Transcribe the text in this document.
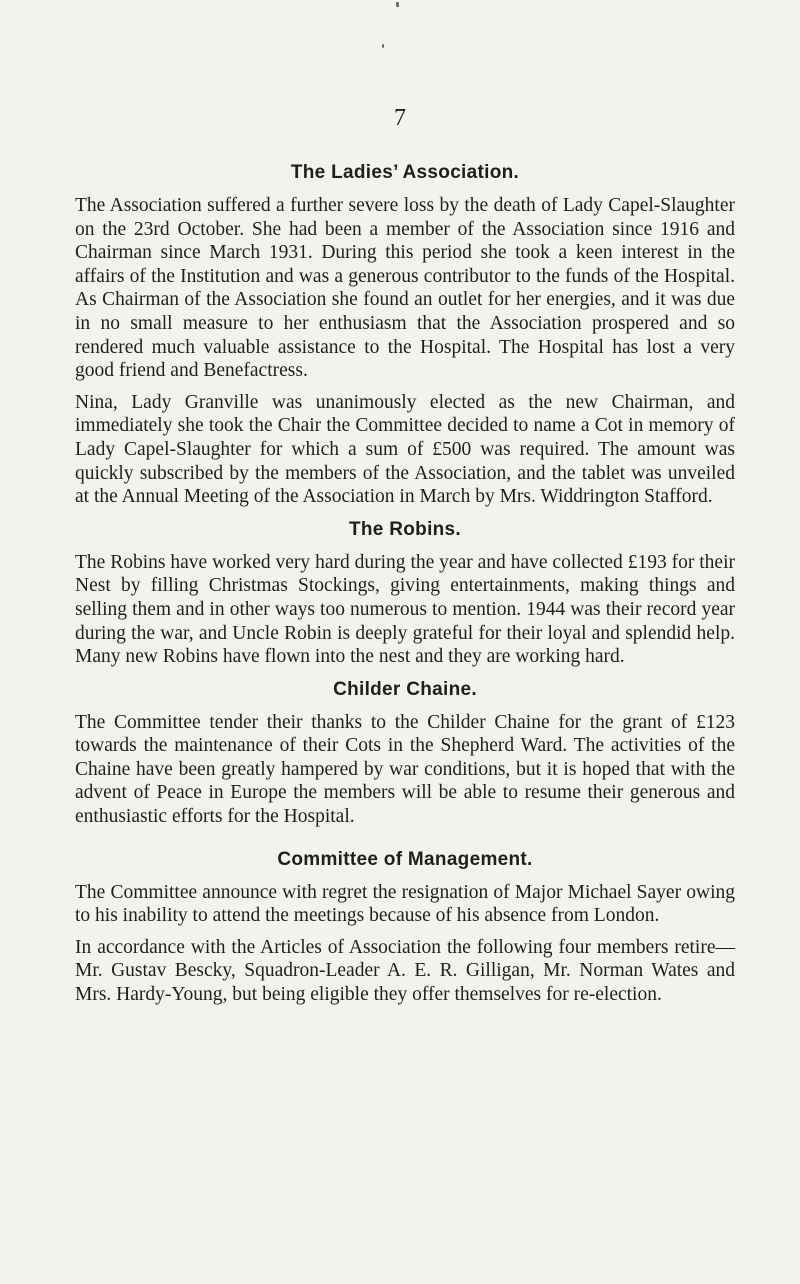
7
The Ladies’ Association.

The Association suffered a further severe loss by the death of Lady Capel-Slaughter on the 23rd October. She had been a member of the Association since 1916 and Chairman since March 1931. During this period she took a keen interest in the affairs of the Institution and was a generous contributor to the funds of the Hospital. As Chairman of the Association she found an outlet for her energies, and it was due in no small measure to her enthusiasm that the Association prospered and so rendered much valuable assistance to the Hospital. The Hospital has lost a very good friend and Benefactress.

Nina, Lady Granville was unanimously elected as the new Chairman, and immediately she took the Chair the Committee decided to name a Cot in memory of Lady Capel-Slaughter for which a sum of £500 was required. The amount was quickly subscribed by the members of the Association, and the tablet was unveiled at the Annual Meeting of the Association in March by Mrs. Widdrington Stafford.

The Robins.

The Robins have worked very hard during the year and have collected £193 for their Nest by filling Christmas Stockings, giving entertainments, making things and selling them and in other ways too numerous to mention. 1944 was their record year during the war, and Uncle Robin is deeply grateful for their loyal and splendid help. Many new Robins have flown into the nest and they are working hard.

Childer Chaine.

The Committee tender their thanks to the Childer Chaine for the grant of £123 towards the maintenance of their Cots in the Shepherd Ward. The activities of the Chaine have been greatly hampered by war conditions, but it is hoped that with the advent of Peace in Europe the members will be able to resume their generous and enthusiastic efforts for the Hospital.

Committee of Management.

The Committee announce with regret the resignation of Major Michael Sayer owing to his inability to attend the meetings because of his absence from London.

In accordance with the Articles of Association the following four members retire—Mr. Gustav Bescky, Squadron-Leader A. E. R. Gilligan, Mr. Norman Wates and Mrs. Hardy-Young, but being eligible they offer themselves for re-election.
